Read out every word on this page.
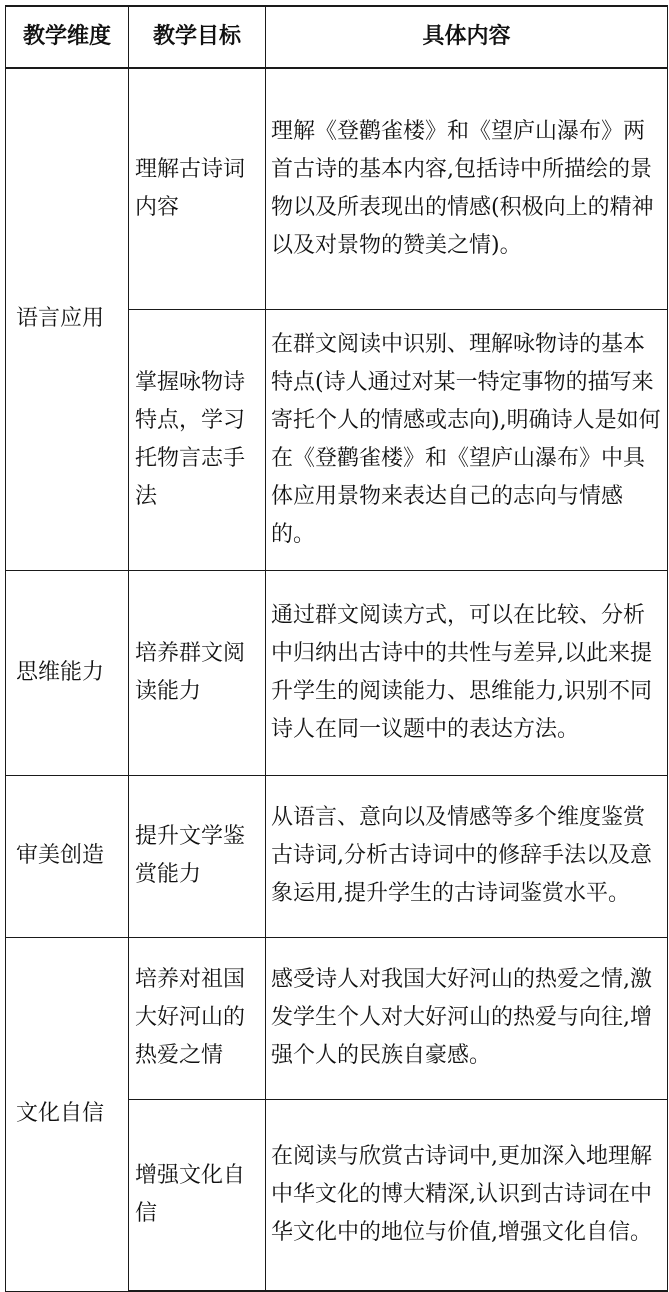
教学维度	教学目标	具体内容
语言应用	理解古诗词内容	理解《登鹳雀楼》和《望庐山瀑布》两首古诗的基本内容,包括诗中所描绘的景物以及所表现出的情感(积极向上的精神以及对景物的赞美之情)。
	掌握咏物诗特点，学习托物言志手法	在群文阅读中识别、理解咏物诗的基本特点(诗人通过对某一特定事物的描写来寄托个人的情感或志向),明确诗人是如何在《登鹳雀楼》和《望庐山瀑布》中具体应用景物来表达自己的志向与情感的。
思维能力	培养群文阅读能力	通过群文阅读方式，可以在比较、分析中归纳出古诗中的共性与差异,以此来提升学生的阅读能力、思维能力,识别不同诗人在同一议题中的表达方法。
审美创造	提升文学鉴赏能力	从语言、意向以及情感等多个维度鉴赏古诗词,分析古诗词中的修辞手法以及意象运用,提升学生的古诗词鉴赏水平。
文化自信	培养对祖国大好河山的热爱之情	感受诗人对我国大好河山的热爱之情,激发学生个人对大好河山的热爱与向往,增强个人的民族自豪感。
	增强文化自信	在阅读与欣赏古诗词中,更加深入地理解中华文化的博大精深,认识到古诗词在中华文化中的地位与价值,增强文化自信。
